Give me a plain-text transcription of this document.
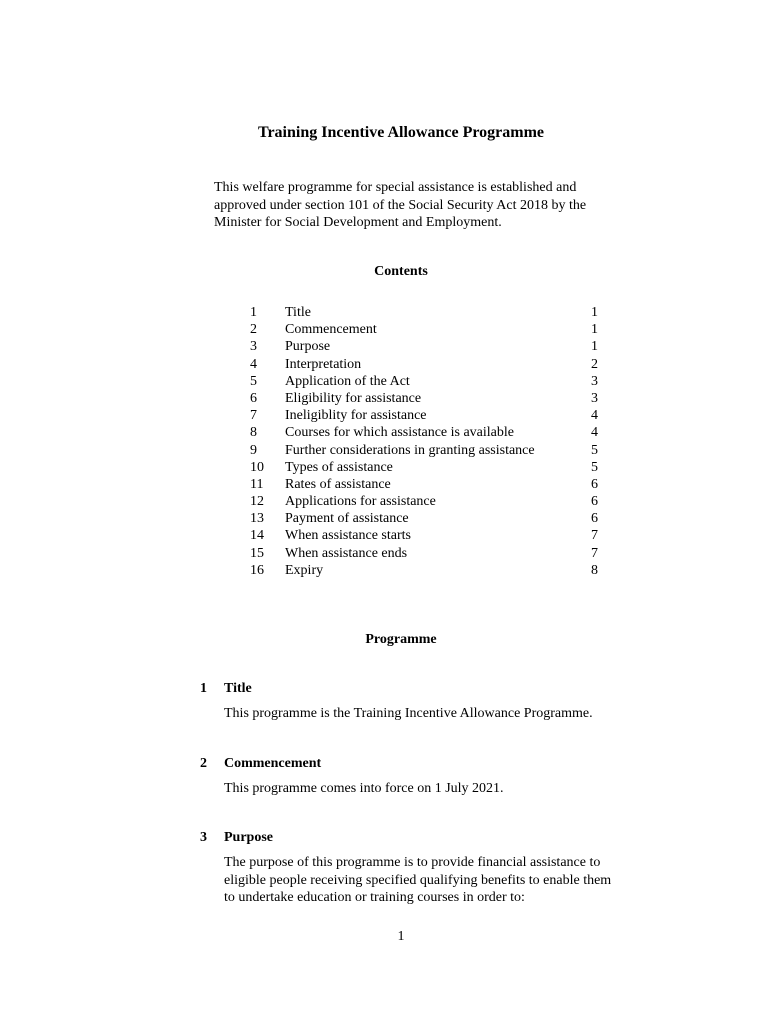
Training Incentive Allowance Programme

This welfare programme for special assistance is established and approved under section 101 of the Social Security Act 2018 by the Minister for Social Development and Employment.

Contents
1 Title	1
2 Commencement	1
3 Purpose	1
4 Interpretation	2
5 Application of the Act	3
6 Eligibility for assistance	3
7 Ineligiblity for assistance	4
8 Courses for which assistance is available	4
9 Further considerations in granting assistance	5
10 Types of assistance	5
11 Rates of assistance	6
12 Applications for assistance	6
13 Payment of assistance	6
14 When assistance starts	7
15 When assistance ends	7
16 Expiry	8
Programme
1 Title

This programme is the Training Incentive Allowance Programme.

2 Commencement

This programme comes into force on 1 July 2021.

3 Purpose

The purpose of this programme is to provide financial assistance to eligible people receiving specified qualifying benefits to enable them to undertake education or training courses in order to:

1
